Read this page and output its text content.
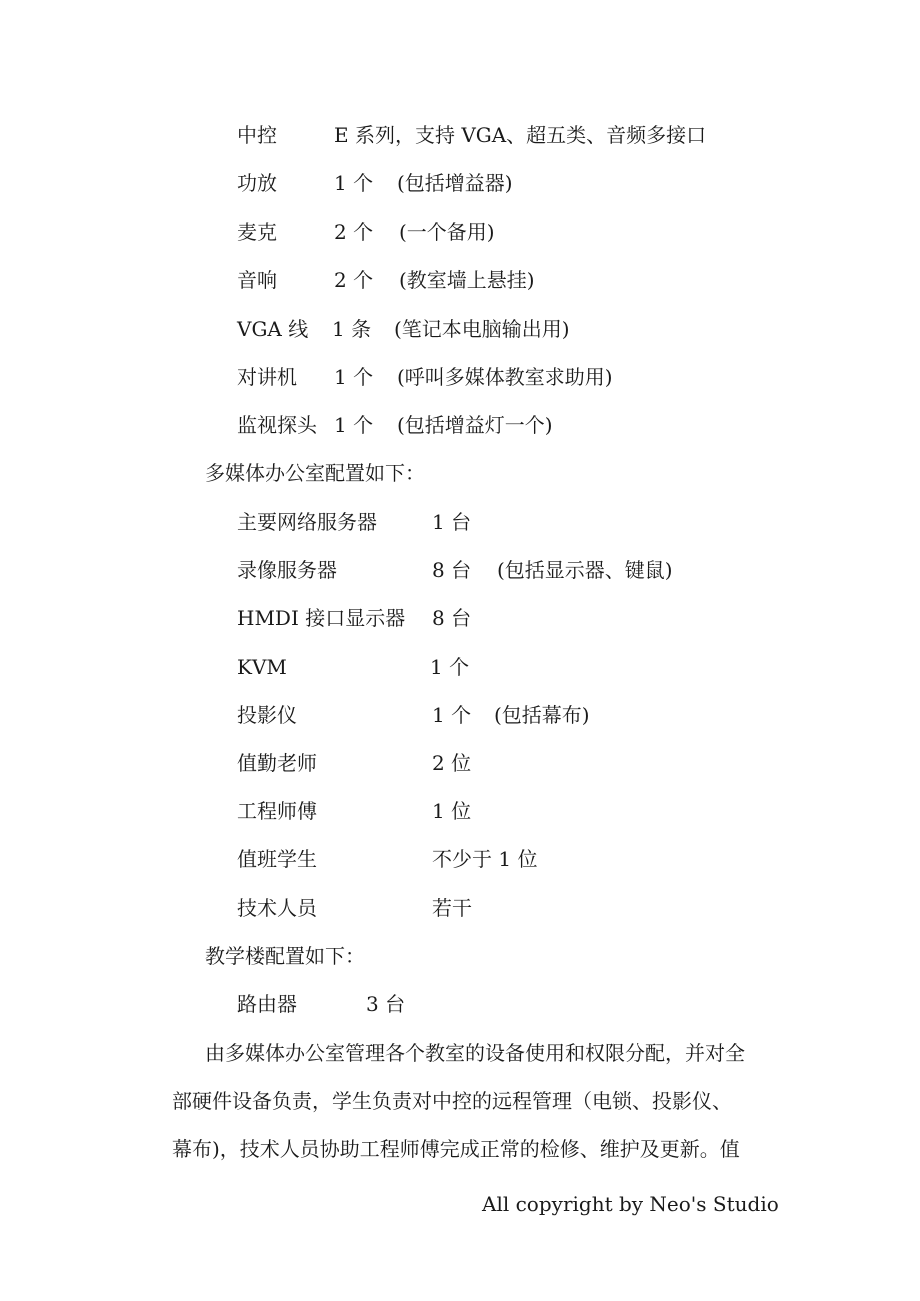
中控	E 系列，支持 VGA、超五类、音频多接口
功放	1 个 (包括增益器)
麦克	2 个 (一个备用)
音响	2 个 (教室墙上悬挂)
VGA 线 1 条 (笔记本电脑输出用)
对讲机 1 个 (呼叫多媒体教室求助用)
监视探头 1 个 (包括增益灯一个)
多媒体办公室配置如下：
主要网络服务器	1 台
录像服务器	8 台 (包括显示器、键鼠)
HMDI 接口显示器 8 台
KVM	1 个
投影仪	1 个 (包括幕布)
值勤老师	2 位
工程师傅	1 位
值班学生	不少于 1 位
技术人员	若干
教学楼配置如下：
路由器	3 台
由多媒体办公室管理各个教室的设备使用和权限分配，并对全
部硬件设备负责，学生负责对中控的远程管理（电锁、投影仪、
幕布)，技术人员协助工程师傅完成正常的检修、维护及更新。值
All copyright by Neo's Studio
